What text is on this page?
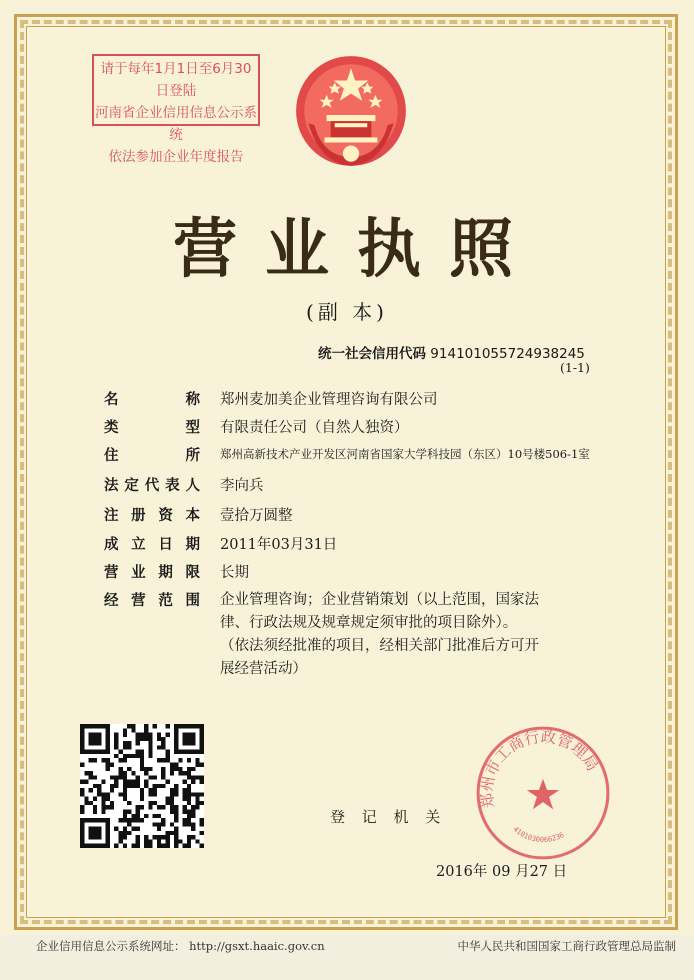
请于每年1月1日至6月30日登陆
河南省企业信用信息公示系统
依法参加企业年度报告
营业执照
(副 本)
统一社会信用代码 914101055724938245
(1-1)
名	称 郑州麦加美企业管理咨询有限公司
类	型 有限责任公司（自然人独资）
住	所 郑州高新技术产业开发区河南省国家大学科技园（东区）10号楼506-1室
法 定 代 表 人 李向兵
注 册 资 本 壹拾万圆整
成 立 日 期 2011年03月31日
营 业 期 限 长期
经 营 范 围 企业管理咨询；企业营销策划（以上范围，国家法
律、行政法规及规章规定须审批的项目除外）。
（依法须经批准的项目，经相关部门批准后方可开
展经营活动）
登 记 机 关
郑州市工商行政管理局
4101030066236
2016年 09 月27 日
企业信用信息公示系统网址： http://gsxt.haaic.gov.cn	中华人民共和国国家工商行政管理总局监制
